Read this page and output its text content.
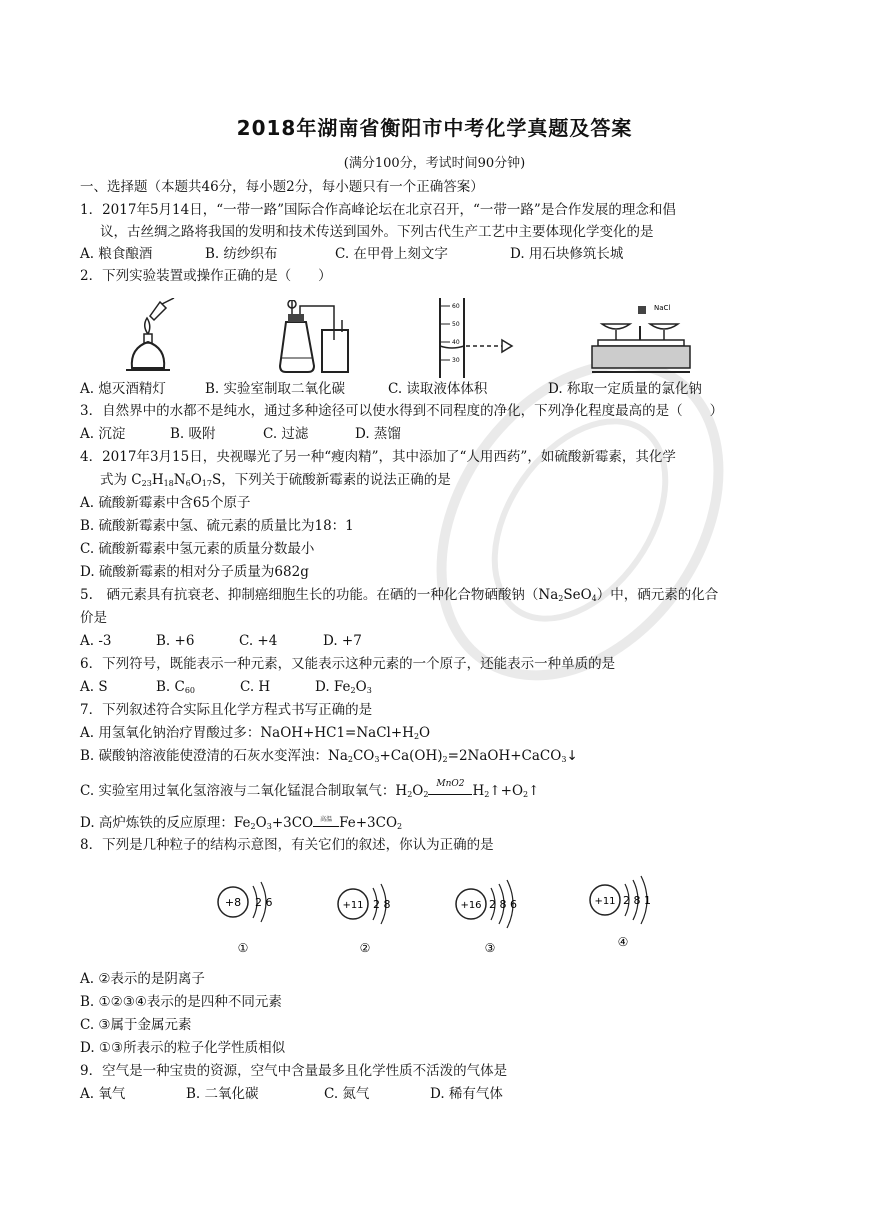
2018年湖南省衡阳市中考化学真题及答案
(满分100分，考试时间90分钟)
一、选择题（本题共46分，每小题2分，每小题只有一个正确答案）
1．2017年5月14日，“一带一路”国际合作高峰论坛在北京召开，“一带一路”是合作发展的理念和倡
议，古丝绸之路将我国的发明和技术传送到国外。下列古代生产工艺中主要体现化学变化的是
A. 粮食酿酒	B. 纺纱织布	C. 在甲骨上刻文字	D. 用石块修筑长城
2．下列实验装置或操作正确的是（　　）
60
50
40
30
NaCl
A. 熄灭酒精灯	B. 实验室制取二氧化碳	C. 读取液体体积	D. 称取一定质量的氯化钠
3．自然界中的水都不是纯水，通过多种途径可以使水得到不同程度的净化，下列净化程度最高的是（　　）
A. 沉淀	B. 吸附	C. 过滤	D. 蒸馏
4．2017年3月15日，央视曝光了另一种“瘦肉精”，其中添加了“人用西药”，如硫酸新霉素，其化学
式为 $C_{23}H_{18}N_6O_{17}S$，下列关于硫酸新霉素的说法正确的是
A. 硫酸新霉素中含65个原子
B. 硫酸新霉素中氢、硫元素的质量比为18：1
C. 硫酸新霉素中氢元素的质量分数最小
D. 硫酸新霉素的相对分子质量为682g
5.　硒元素具有抗衰老、抑制癌细胞生长的功能。在硒的一种化合物硒酸钠$(Na_2SeO_4)$中，硒元素的化合
价是
A. -3	B. +6	C. +4	D. +7
6．下列符号，既能表示一种元素，又能表示这种元素的一个原子，还能表示一种单质的是
A. S	B. $C_{60}$	C. H	D. $Fe_2O_3$
7．下列叙述符合实际且化学方程式书写正确的是
A. 用氢氧化钠治疗胃酸过多：$NaOH+HC1=NaCl+H_2O$
B. 碳酸钠溶液能使澄清的石灰水变浑浊：$Na_2CO_3+Ca(OH)_2=2NaOH+CaCO_3↓$
C. 实验室用过氧化氢溶液与二氧化锰混合制取氧气：$H_2O_2$
MnO2 $H_2↑+O_2↑$
D. 高炉炼铁的反应原理：$Fe_2O_3+3CO$	高温 $Fe+3CO_2$
8．下列是几种粒子的结构示意图，有关它们的叙述，你认为正确的是
+8 2 6
①
+11 2 8
②
+16 2 8 6
③
+11 2 8 1
④
A. ②表示的是阴离子
B. ①②③④表示的是四种不同元素
C. ③属于金属元素
D. ①③所表示的粒子化学性质相似
9．空气是一种宝贵的资源，空气中含量最多且化学性质不活泼的气体是
A. 氧气	B. 二氧化碳	C. 氮气	D. 稀有气体
